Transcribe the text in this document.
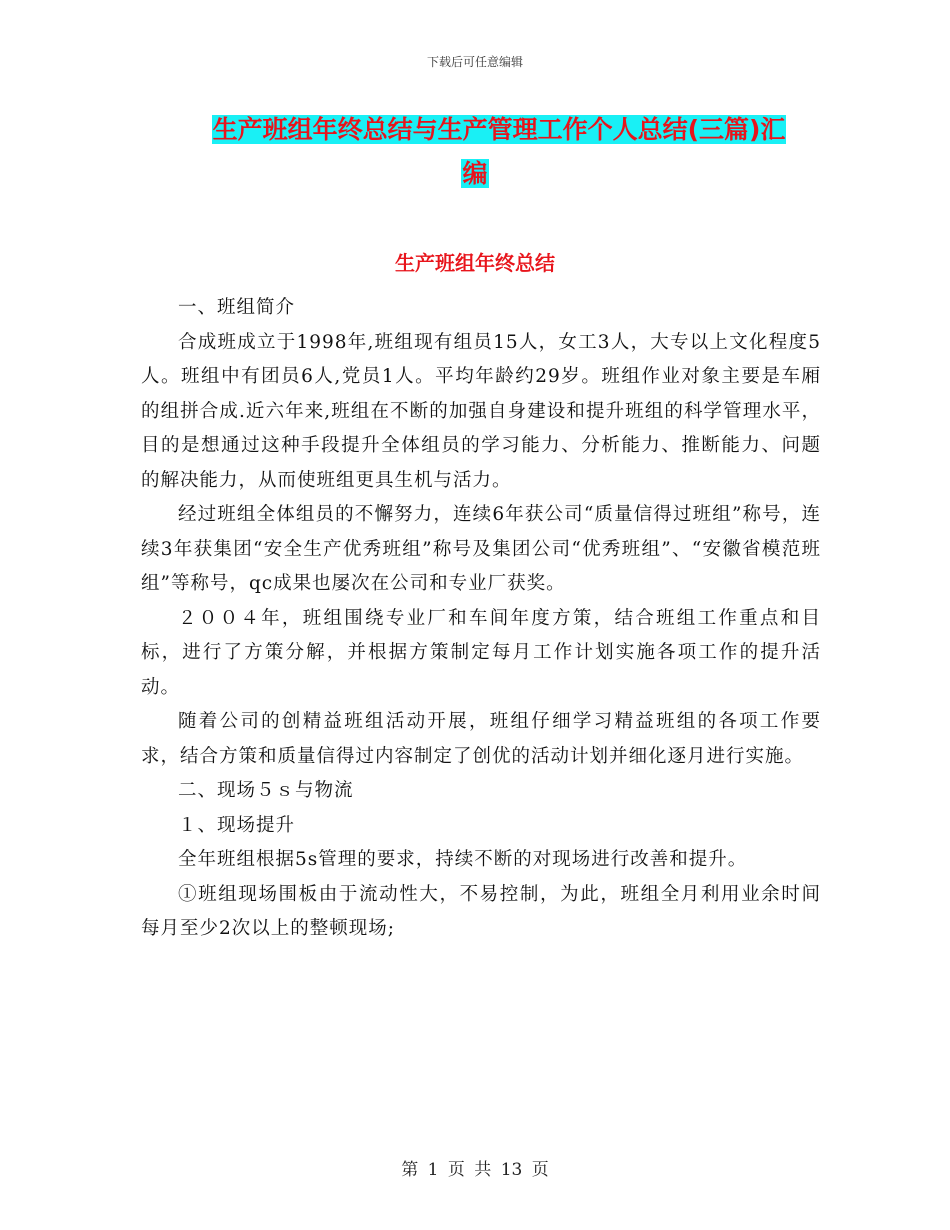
下载后可任意编辑
生产班组年终总结与生产管理工作个人总结(三篇)汇
编
生产班组年终总结

一、班组简介

合成班成立于1998年,班组现有组员15人，女工3人，大专以上文化程度5人。班组中有团员6人,党员1人。平均年龄约29岁。班组作业对象主要是车厢的组拼合成.近六年来,班组在不断的加强自身建设和提升班组的科学管理水平，目的是想通过这种手段提升全体组员的学习能力、分析能力、推断能力、问题的解决能力，从而使班组更具生机与活力。

经过班组全体组员的不懈努力，连续6年获公司“质量信得过班组”称号，连续3年获集团“安全生产优秀班组”称号及集团公司“优秀班组”、“安徽省模范班组”等称号，qc成果也屡次在公司和专业厂获奖。

２００４年，班组围绕专业厂和车间年度方策，结合班组工作重点和目标，进行了方策分解，并根据方策制定每月工作计划实施各项工作的提升活动。

随着公司的创精益班组活动开展，班组仔细学习精益班组的各项工作要求，结合方策和质量信得过内容制定了创优的活动计划并细化逐月进行实施。

二、现场５ｓ与物流

１、现场提升

全年班组根据5s管理的要求，持续不断的对现场进行改善和提升。

①班组现场围板由于流动性大，不易控制，为此，班组全月利用业余时间每月至少2次以上的整顿现场;

第 1 页 共 13 页
